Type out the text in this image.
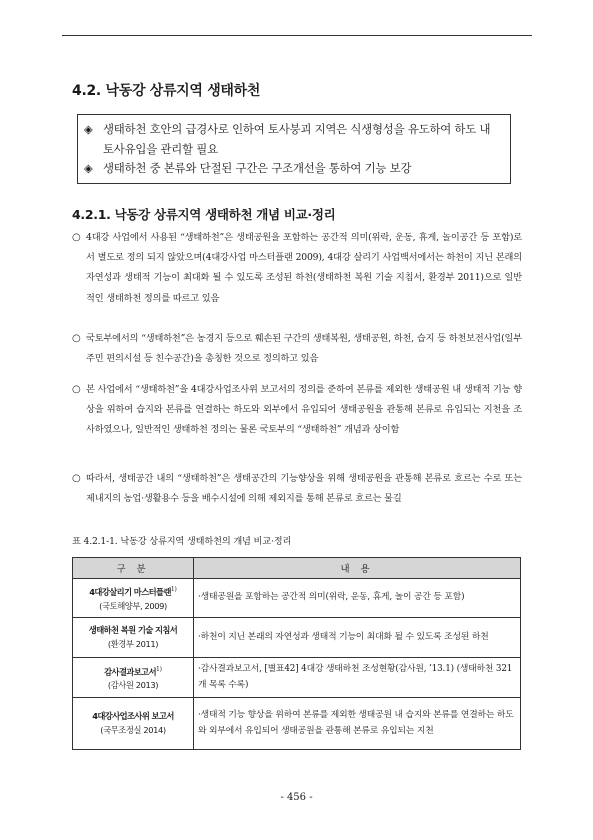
4.2. 낙동강 상류지역 생태하천
◈ 생태하천 호안의 급경사로 인하여 토사붕괴 지역은 식생형성을 유도하여 하도 내 토사유입을 관리할 필요
◈ 생태하천 중 본류와 단절된 구간은 구조개선을 통하여 기능 보강
4.2.1. 낙동강 상류지역 생태하천 개념 비교·정리
○ 4대강 사업에서 사용된 “생태하천”은 생태공원을 포함하는 공간적 의미(위락, 운동, 휴게, 놀이공간 등 포함)로서 별도로 정의 되지 않았으며(4대강사업 마스터플랜 2009), 4대강 살리기 사업백서에서는 하천이 지닌 본래의 자연성과 생태적 기능이 최대화 될 수 있도록 조성된 하천(생태하천 복원 기술 지침서, 환경부 2011)으로 일반적인 생태하천 정의를 따르고 있음
○ 국토부에서의 “생태하천”은 농경지 등으로 훼손된 구간의 생태복원, 생태공원, 하천, 습지 등 하천보전사업(일부 주민 편의시설 등 친수공간)을 총칭한 것으로 정의하고 있음
○ 본 사업에서 “생태하천”을 4대강사업조사위 보고서의 정의를 준하여 본류를 제외한 생태공원 내 생태적 기능 향상을 위하여 습지와 본류를 연결하는 하도와 외부에서 유입되어 생태공원을 관통해 본류로 유입되는 지천을 조사하였으나, 일반적인 생태하천 정의는 물론 국토부의 “생태하천” 개념과 상이함
○ 따라서, 생태공간 내의 “생태하천”은 생태공간의 기능향상을 위해 생태공원을 관통해 본류로 흐르는 수로 또는 제내지의 농업·생활용수 등을 배수시설에 의해 제외지를 통해 본류로 흐르는 물길
표 4.2.1-1. 낙동강 상류지역 생태하천의 개념 비교·정리
구 분	내 용

4대강살리기 마스터플랜$^{1)}$
(국토해양부, 2009)	·생태공원을 포함하는 공간적 의미(위락, 운동, 휴게, 놀이 공간 등 포함)

생태하천 복원 기술 지침서
(환경부 2011)	·하천이 지닌 본래의 자연성과 생태적 기능이 최대화 될 수 있도록 조성된 하천

감사결과보고서$^{1)}$
(감사원 2013)	·감사결과보고서, [별표42] 4대강 생태하천 조성현황(감사원, ’13.1) (생태하천 321개 목록 수록)

4대강사업조사위 보고서
(국무조정실 2014)	·생태적 기능 향상을 위하여 본류를 제외한 생태공원 내 습지와 본류를 연결하는 하도와 외부에서 유입되어 생태공원을 관통해 본류로 유입되는 지천
- 456 -
